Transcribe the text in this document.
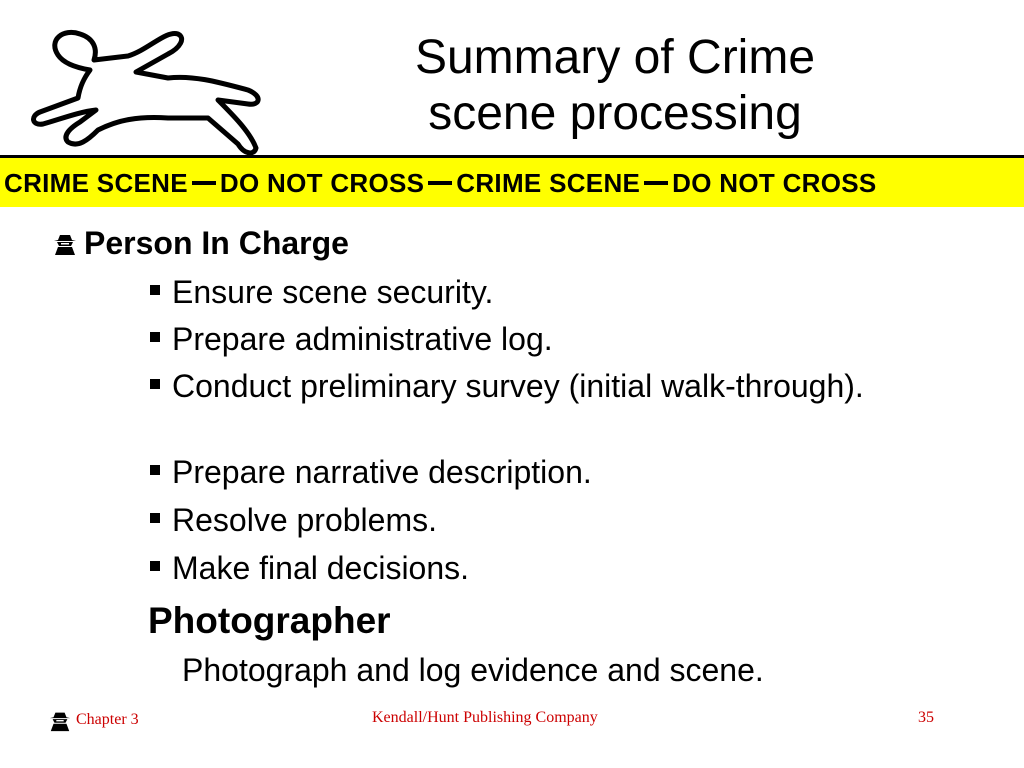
Summary of Crime
scene processing
CRIME SCENE DO NOT CROSS CRIME SCENE DO NOT CROSS
Person In Charge
Ensure scene security.
Prepare administrative log.
Conduct preliminary survey (initial walk-through).
Prepare narrative description.
Resolve problems.
Make final decisions.
Photographer
Photograph and log evidence and scene.
Chapter 3	Kendall/Hunt Publishing Company	35
